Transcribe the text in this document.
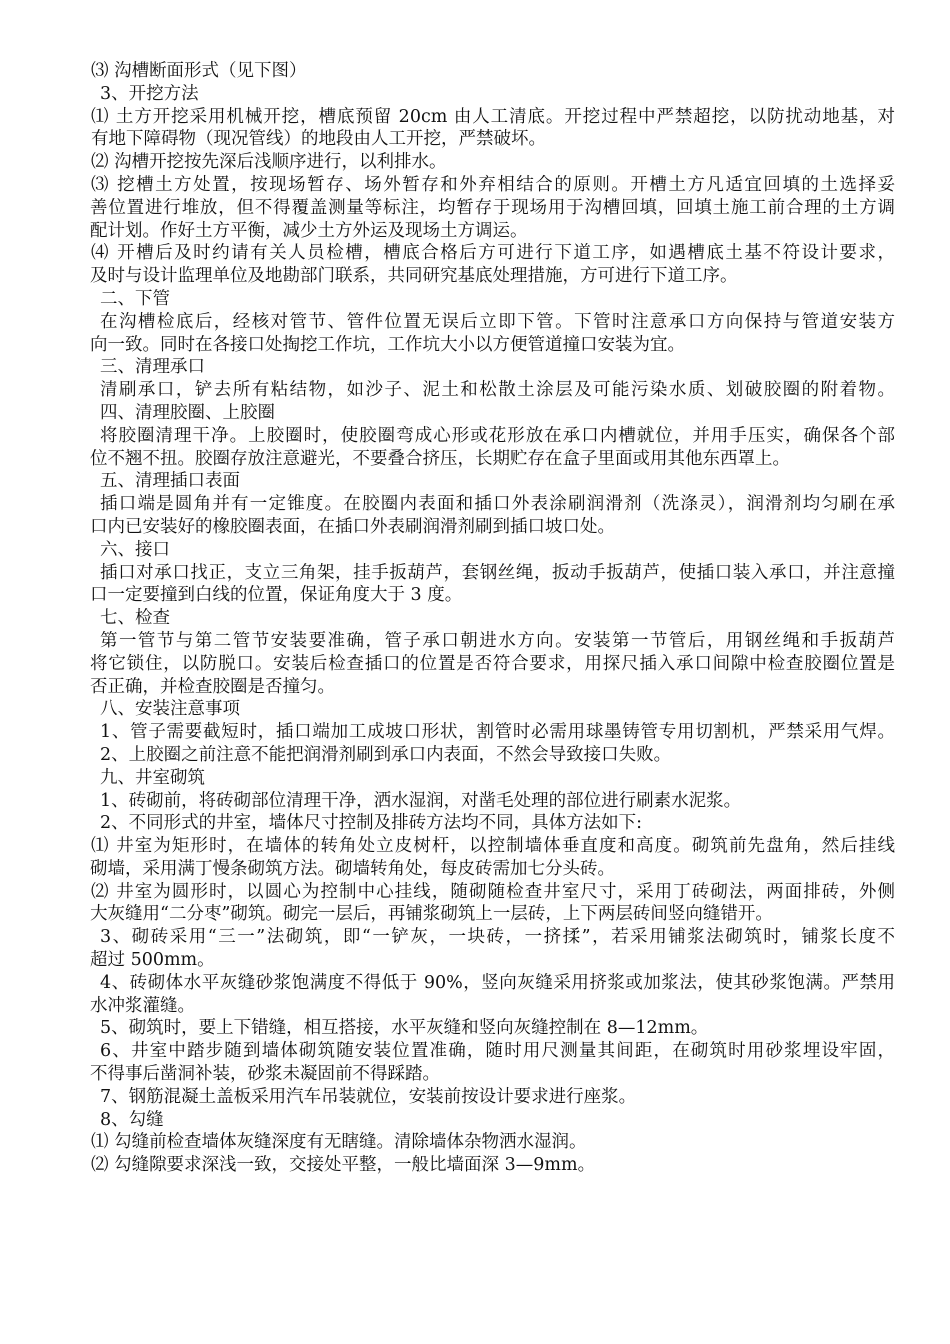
⑶ 沟槽断面形式（见下图）
3、开挖方法
⑴ 土方开挖采用机械开挖，槽底预留 20cm 由人工清底。开挖过程中严禁超挖，以防扰动地基，对
有地下障碍物（现况管线）的地段由人工开挖，严禁破坏。
⑵ 沟槽开挖按先深后浅顺序进行，以利排水。
⑶ 挖槽土方处置，按现场暂存、场外暂存和外弃相结合的原则。开槽土方凡适宜回填的土选择妥
善位置进行堆放，但不得覆盖测量等标注，均暂存于现场用于沟槽回填，回填土施工前合理的土方调
配计划。作好土方平衡，减少土方外运及现场土方调运。
⑷ 开槽后及时约请有关人员检槽，槽底合格后方可进行下道工序，如遇槽底土基不符设计要求，
及时与设计监理单位及地勘部门联系，共同研究基底处理措施，方可进行下道工序。
二、下管
在沟槽检底后，经核对管节、管件位置无误后立即下管。下管时注意承口方向保持与管道安装方
向一致。同时在各接口处掏挖工作坑，工作坑大小以方便管道撞口安装为宜。
三、清理承口
清刷承口，铲去所有粘结物，如沙子、泥土和松散土涂层及可能污染水质、划破胶圈的附着物。
四、清理胶圈、上胶圈
将胶圈清理干净。上胶圈时，使胶圈弯成心形或花形放在承口内槽就位，并用手压实，确保各个部
位不翘不扭。胶圈存放注意避光，不要叠合挤压，长期贮存在盒子里面或用其他东西罩上。
五、清理插口表面
插口端是圆角并有一定锥度。在胶圈内表面和插口外表涂刷润滑剂（洗涤灵），润滑剂均匀刷在承
口内已安装好的橡胶圈表面，在插口外表刷润滑剂刷到插口坡口处。
六、接口
插口对承口找正，支立三角架，挂手扳葫芦，套钢丝绳，扳动手扳葫芦，使插口装入承口，并注意撞
口一定要撞到白线的位置，保证角度大于 3 度。
七、检查
第一管节与第二管节安装要准确，管子承口朝进水方向。安装第一节管后，用钢丝绳和手扳葫芦
将它锁住，以防脱口。安装后检查插口的位置是否符合要求，用探尺插入承口间隙中检查胶圈位置是
否正确，并检查胶圈是否撞匀。
八、安装注意事项
1、管子需要截短时，插口端加工成坡口形状，割管时必需用球墨铸管专用切割机，严禁采用气焊。
2、上胶圈之前注意不能把润滑剂刷到承口内表面，不然会导致接口失败。
九、井室砌筑
1、砖砌前，将砖砌部位清理干净，洒水湿润，对凿毛处理的部位进行刷素水泥浆。
2、不同形式的井室，墙体尺寸控制及排砖方法均不同，具体方法如下:
⑴ 井室为矩形时，在墙体的转角处立皮树杆，以控制墙体垂直度和高度。砌筑前先盘角，然后挂线
砌墙，采用满丁慢条砌筑方法。砌墙转角处，每皮砖需加七分头砖。
⑵ 井室为圆形时，以圆心为控制中心挂线，随砌随检查井室尺寸，采用丁砖砌法，两面排砖，外侧
大灰缝用“二分枣”砌筑。砌完一层后，再铺浆砌筑上一层砖，上下两层砖间竖向缝错开。
3、砌砖采用“三一”法砌筑，即“一铲灰，一块砖，一挤揉”，若采用铺浆法砌筑时，铺浆长度不
超过 500mm。
4、砖砌体水平灰缝砂浆饱满度不得低于 90%，竖向灰缝采用挤浆或加浆法，使其砂浆饱满。严禁用
水冲浆灌缝。
5、砌筑时，要上下错缝，相互搭接，水平灰缝和竖向灰缝控制在 8—12mm。
6、井室中踏步随到墙体砌筑随安装位置准确，随时用尺测量其间距，在砌筑时用砂浆埋设牢固，
不得事后凿洞补装，砂浆未凝固前不得踩踏。
7、钢筋混凝土盖板采用汽车吊装就位，安装前按设计要求进行座浆。
8、勾缝
⑴ 勾缝前检查墙体灰缝深度有无瞎缝。清除墙体杂物洒水湿润。
⑵ 勾缝隙要求深浅一致，交接处平整，一般比墙面深 3—9mm。
